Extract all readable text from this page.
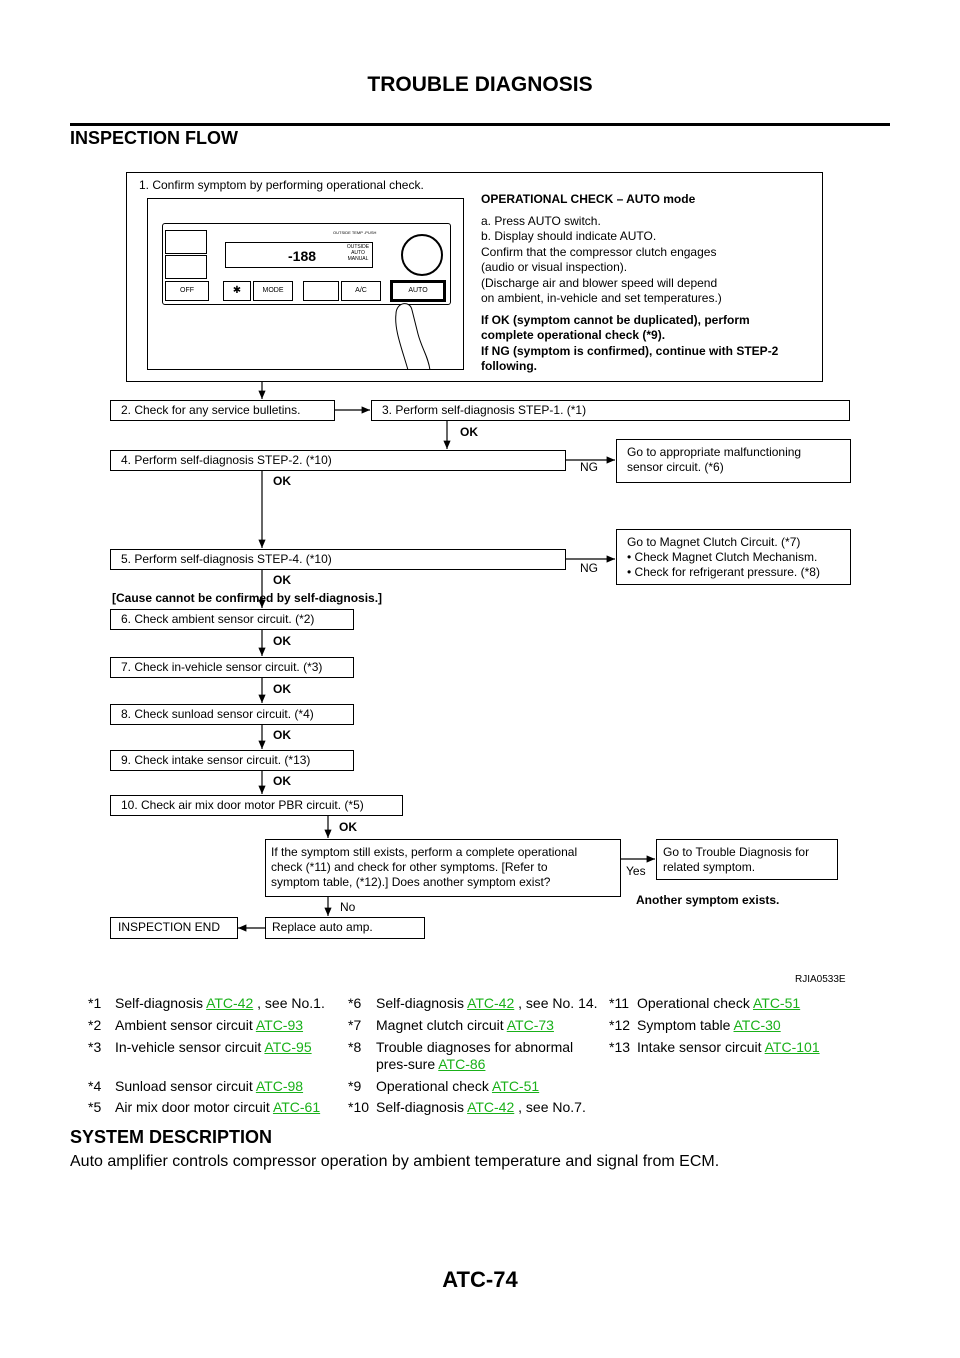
TROUBLE DIAGNOSIS
INSPECTION FLOW
1. Confirm symptom by performing operational check.
OPERATIONAL CHECK – AUTO mode
a. Press AUTO switch.
b. Display should indicate AUTO.
Confirm that the compressor clutch engages
(audio or visual inspection).
(Discharge air and blower speed will depend
on ambient, in-vehicle and set temperatures.)
If OK (symptom cannot be duplicated), perform
complete operational check (*9).
If NG (symptom is confirmed), continue with STEP-2
following.
-188
OUTSIDE AUTO MANUAL
OUTSIDE TEMP -PUSH
OFF	✱	MODE	A/C	AUTO
2. Check for any service bulletins.	3. Perform self-diagnosis STEP-1. (*1)
OK
4. Perform self-diagnosis STEP-2. (*10)	NG
Go to appropriate malfunctioning
sensor circuit. (*6)
OK
5. Perform self-diagnosis STEP-4. (*10)
NG
Go to Magnet Clutch Circuit. (*7)
• Check Magnet Clutch Mechanism.
• Check for refrigerant pressure. (*8)
OK
[Cause cannot be confirmed by self-diagnosis.]
6. Check ambient sensor circuit. (*2)
OK
7. Check in-vehicle sensor circuit. (*3)
OK
8. Check sunload sensor circuit. (*4)
OK
9. Check intake sensor circuit. (*13)
OK
10. Check air mix door motor PBR circuit. (*5)
OK
If the symptom still exists, perform a complete operational
check (*11) and check for other symptoms. [Refer to
symptom table, (*12).] Does another symptom exist?
Yes
Go to Trouble Diagnosis for
related symptom.
Another symptom exists.
No
Replace auto amp.
INSPECTION END
RJIA0533E
*1 Self-diagnosis ATC-42 , see No.1.
*2 Ambient sensor circuit ATC-93
*3 In-vehicle sensor circuit ATC-95
*4 Sunload sensor circuit ATC-98
*5 Air mix door motor circuit ATC-61
*6 Self-diagnosis ATC-42 , see No. 14.
*7 Magnet clutch circuit ATC-73
*8 Trouble diagnoses for abnormal pres-sure ATC-86
*9 Operational check ATC-51
*10 Self-diagnosis ATC-42 , see No.7.
*11 Operational check ATC-51
*12 Symptom table ATC-30
*13 Intake sensor circuit ATC-101
SYSTEM DESCRIPTION
Auto amplifier controls compressor operation by ambient temperature and signal from ECM.
ATC-74
